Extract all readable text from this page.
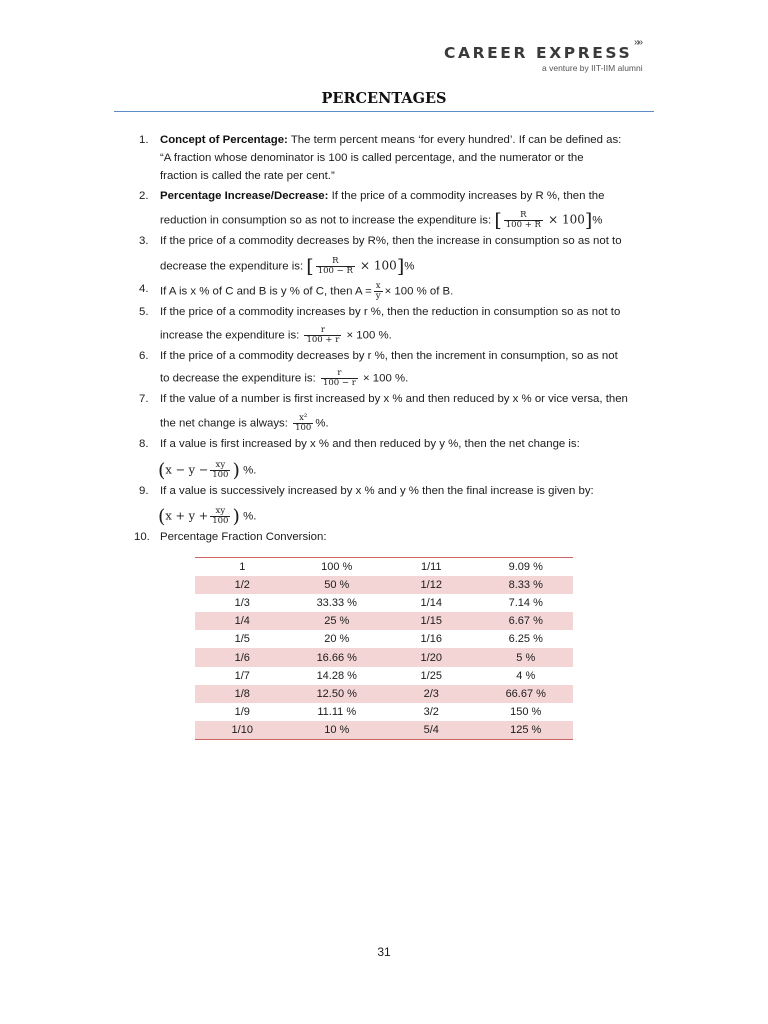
CAREER EXPRESS
»»
a venture by IIT-IIM alumni
PERCENTAGES
1. Concept of Percentage: The term percent means ‘for every hundred’. If can be defined as:
“A fraction whose denominator is 100 is called percentage, and the numerator or the
fraction is called the rate per cent.”
2. Percentage Increase/Decrease: If the price of a commodity increases by R %, then the
reduction in consumption so as not to increase the expenditure is: [ $\frac{R}{100 + R} \times 100]\%$
3. If the price of a commodity decreases by R%, then the increase in consumption so as not to
decrease the expenditure is: [ $\frac{R}{100 - R} \times 100]\%$
4. If A is x % of C and B is y % of C, then $A = \frac{x}{y} \times 100$ % of B.
5. If the price of a commodity increases by r %, then the reduction in consumption so as not to
increase the expenditure is: $\frac{r}{100 + r} \times 100$ %.
6. If the price of a commodity decreases by r %, then the increment in consumption, so as not
to decrease the expenditure is: $\frac{r}{100 - r} \times 100$ %.
7. If the value of a number is first increased by x % and then reduced by x % or vice versa, then
the net change is always: $\frac{\text{x²}}{100}$ %.
8. If a value is first increased by x % and then reduced by y %, then the net change is:
($x - y - \frac{xy}{100}$ ) %.
9. If a value is successively increased by x % and y % then the final increase is given by:
($x + y + \frac{xy}{100}$ ) %.
10. Percentage Fraction Conversion:
1	100 %	1/11	9.09 %
1/2	50 %	1/12	8.33 %
1/3	33.33 %	1/14	7.14 %
1/4	25 %	1/15	6.67 %
1/5	20 %	1/16	6.25 %
1/6	16.66 %	1/20	5 %
1/7	14.28 %	1/25	4 %
1/8	12.50 %	2/3	66.67 %
1/9	11.11 %	3/2	150 %
1/10	10 %	5/4	125 %
31
